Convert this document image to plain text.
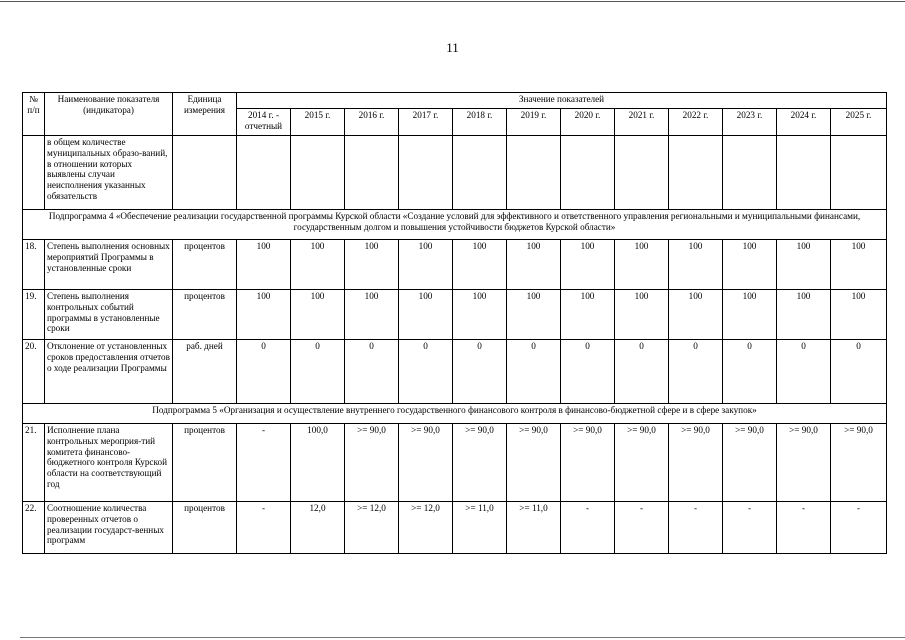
11
№ п/п	Наименование показателя (индикатора)	Единица измерения	Значение показателей											
			2014 г. - отчетный	2015 г.	2016 г.	2017 г.	2018 г.	2019 г.	2020 г.	2021 г.	2022 г.	2023 г.	2024 г.	2025 г.
	в общем количестве муниципальных образо-ваний, в отношении которых выявлены случаи неисполнения указанных обязательств													
Подпрограмма 4 «Обеспечение реализации государственной программы Курской области «Создание условий для эффективного и ответственного управления региональными и муниципальными финансами, государственным долгом и повышения устойчивости бюджетов Курской области»														
18.	Степень выполнения основных мероприятий Программы в установленные сроки	процентов	100	100	100	100	100	100	100	100	100	100	100	100
19.	Степень выполнения контрольных событий программы в установленные сроки	процентов	100	100	100	100	100	100	100	100	100	100	100	100
20.	Отклонение от установленных сроков предоставления отчетов о ходе реализации Программы	раб. дней	0	0	0	0	0	0	0	0	0	0	0	0
Подпрограмма 5 «Организация и осуществление внутреннего государственного финансового контроля в финансово-бюджетной сфере и в сфере закупок»														
21.	Исполнение плана контрольных мероприя-тий комитета финансово-бюджетного контроля Курской области на соответствующий год	процентов	-	100,0	>= 90,0	>= 90,0	>= 90,0	>= 90,0	>= 90,0	>= 90,0	>= 90,0	>= 90,0	>= 90,0	>= 90,0
22.	Соотношение количества проверенных отчетов о реализации государст-венных программ	процентов	-	12,0	>= 12,0	>= 12,0	>= 11,0	>= 11,0	-	-	-	-	-	-
